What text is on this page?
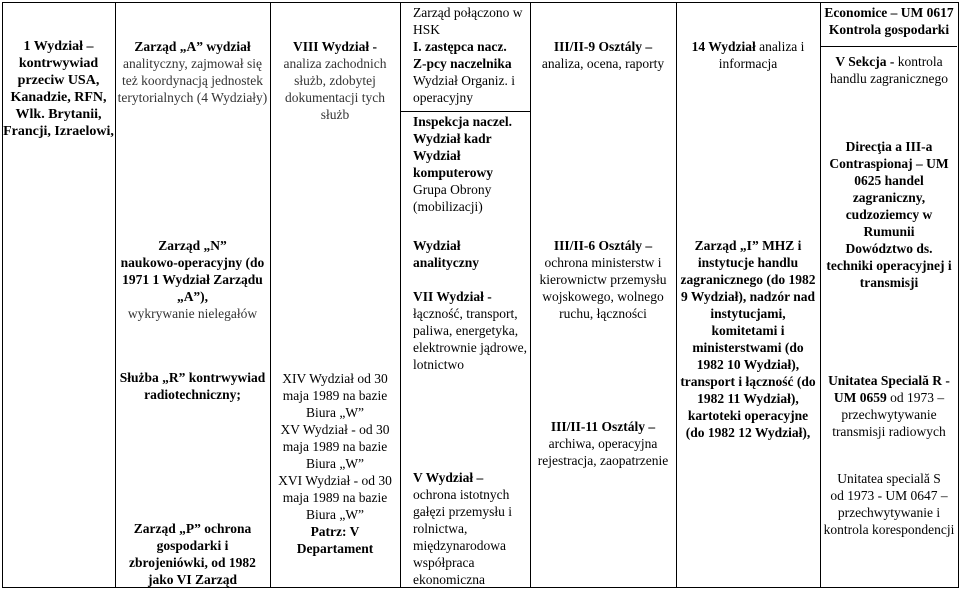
1 Wydział – kontrwywiad przeciw USA, Kanadzie, RFN, Wlk. Brytanii, Francji, Izraelowi,
Zarząd „A” wydział
analityczny, zajmował się też koordynacją jednostek terytorialnych (4 Wydziały)
Zarząd „N”
naukowo-operacyjny (do 1971 1 Wydział Zarządu „A”),
wykrywanie nielegałów
Służba „R” kontrwywiad radiotechniczny;
Zarząd „P” ochrona gospodarki i zbrojeniówki, od 1982 jako VI Zarząd
VIII Wydział -
analiza zachodnich służb, zdobytej dokumentacji tych służb
XIV Wydział od 30 maja 1989 na bazie Biura „W”
XV Wydział - od 30 maja 1989 na bazie Biura „W”
XVI Wydział - od 30 maja 1989 na bazie Biura „W”
Patrz: V Departament
Zarząd połączono w HSK
I. zastępca nacz.
Z-pcy naczelnika
Wydział Organiz. i
operacyjny
Inspekcja naczel.
Wydział kadr
Wydział komputerowy
Grupa Obrony (mobilizacji)
Wydział analityczny
VII Wydział -
łączność, transport, paliwa, energetyka, elektrownie jądrowe, lotnictwo
V Wydział –
ochrona istotnych gałęzi przemysłu i rolnictwa, międzynarodowa współpraca ekonomiczna
III/II-9 Osztály –
analiza, ocena, raporty
III/II-6 Osztály –
ochrona ministerstw i kierownictw przemysłu wojskowego, wolnego ruchu, łączności
III/II-11 Osztály –
archiwa, operacyjna rejestracja, zaopatrzenie
14 Wydział analiza i informacja
Zarząd „I” MHZ i instytucje handlu zagranicznego (do 1982 9 Wydział), nadzór nad instytucjami, komitetami i ministerstwami (do 1982 10 Wydział), transport i łączność (do 1982 11 Wydział), kartoteki operacyjne (do 1982 12 Wydział),
Economice – UM 0617 Kontrola gospodarki
V Sekcja - kontrola handlu zagranicznego
Direcţia a III-a Contraspionaj – UM 0625 handel zagraniczny, cudzoziemcy w Rumunii
Dowództwo ds. techniki operacyjnej i transmisji
Unitatea Specială R - UM 0659 od 1973 – przechwytywanie transmisji radiowych
Unitatea specială S
od 1973 - UM 0647 – przechwytywanie i kontrola korespondencji
